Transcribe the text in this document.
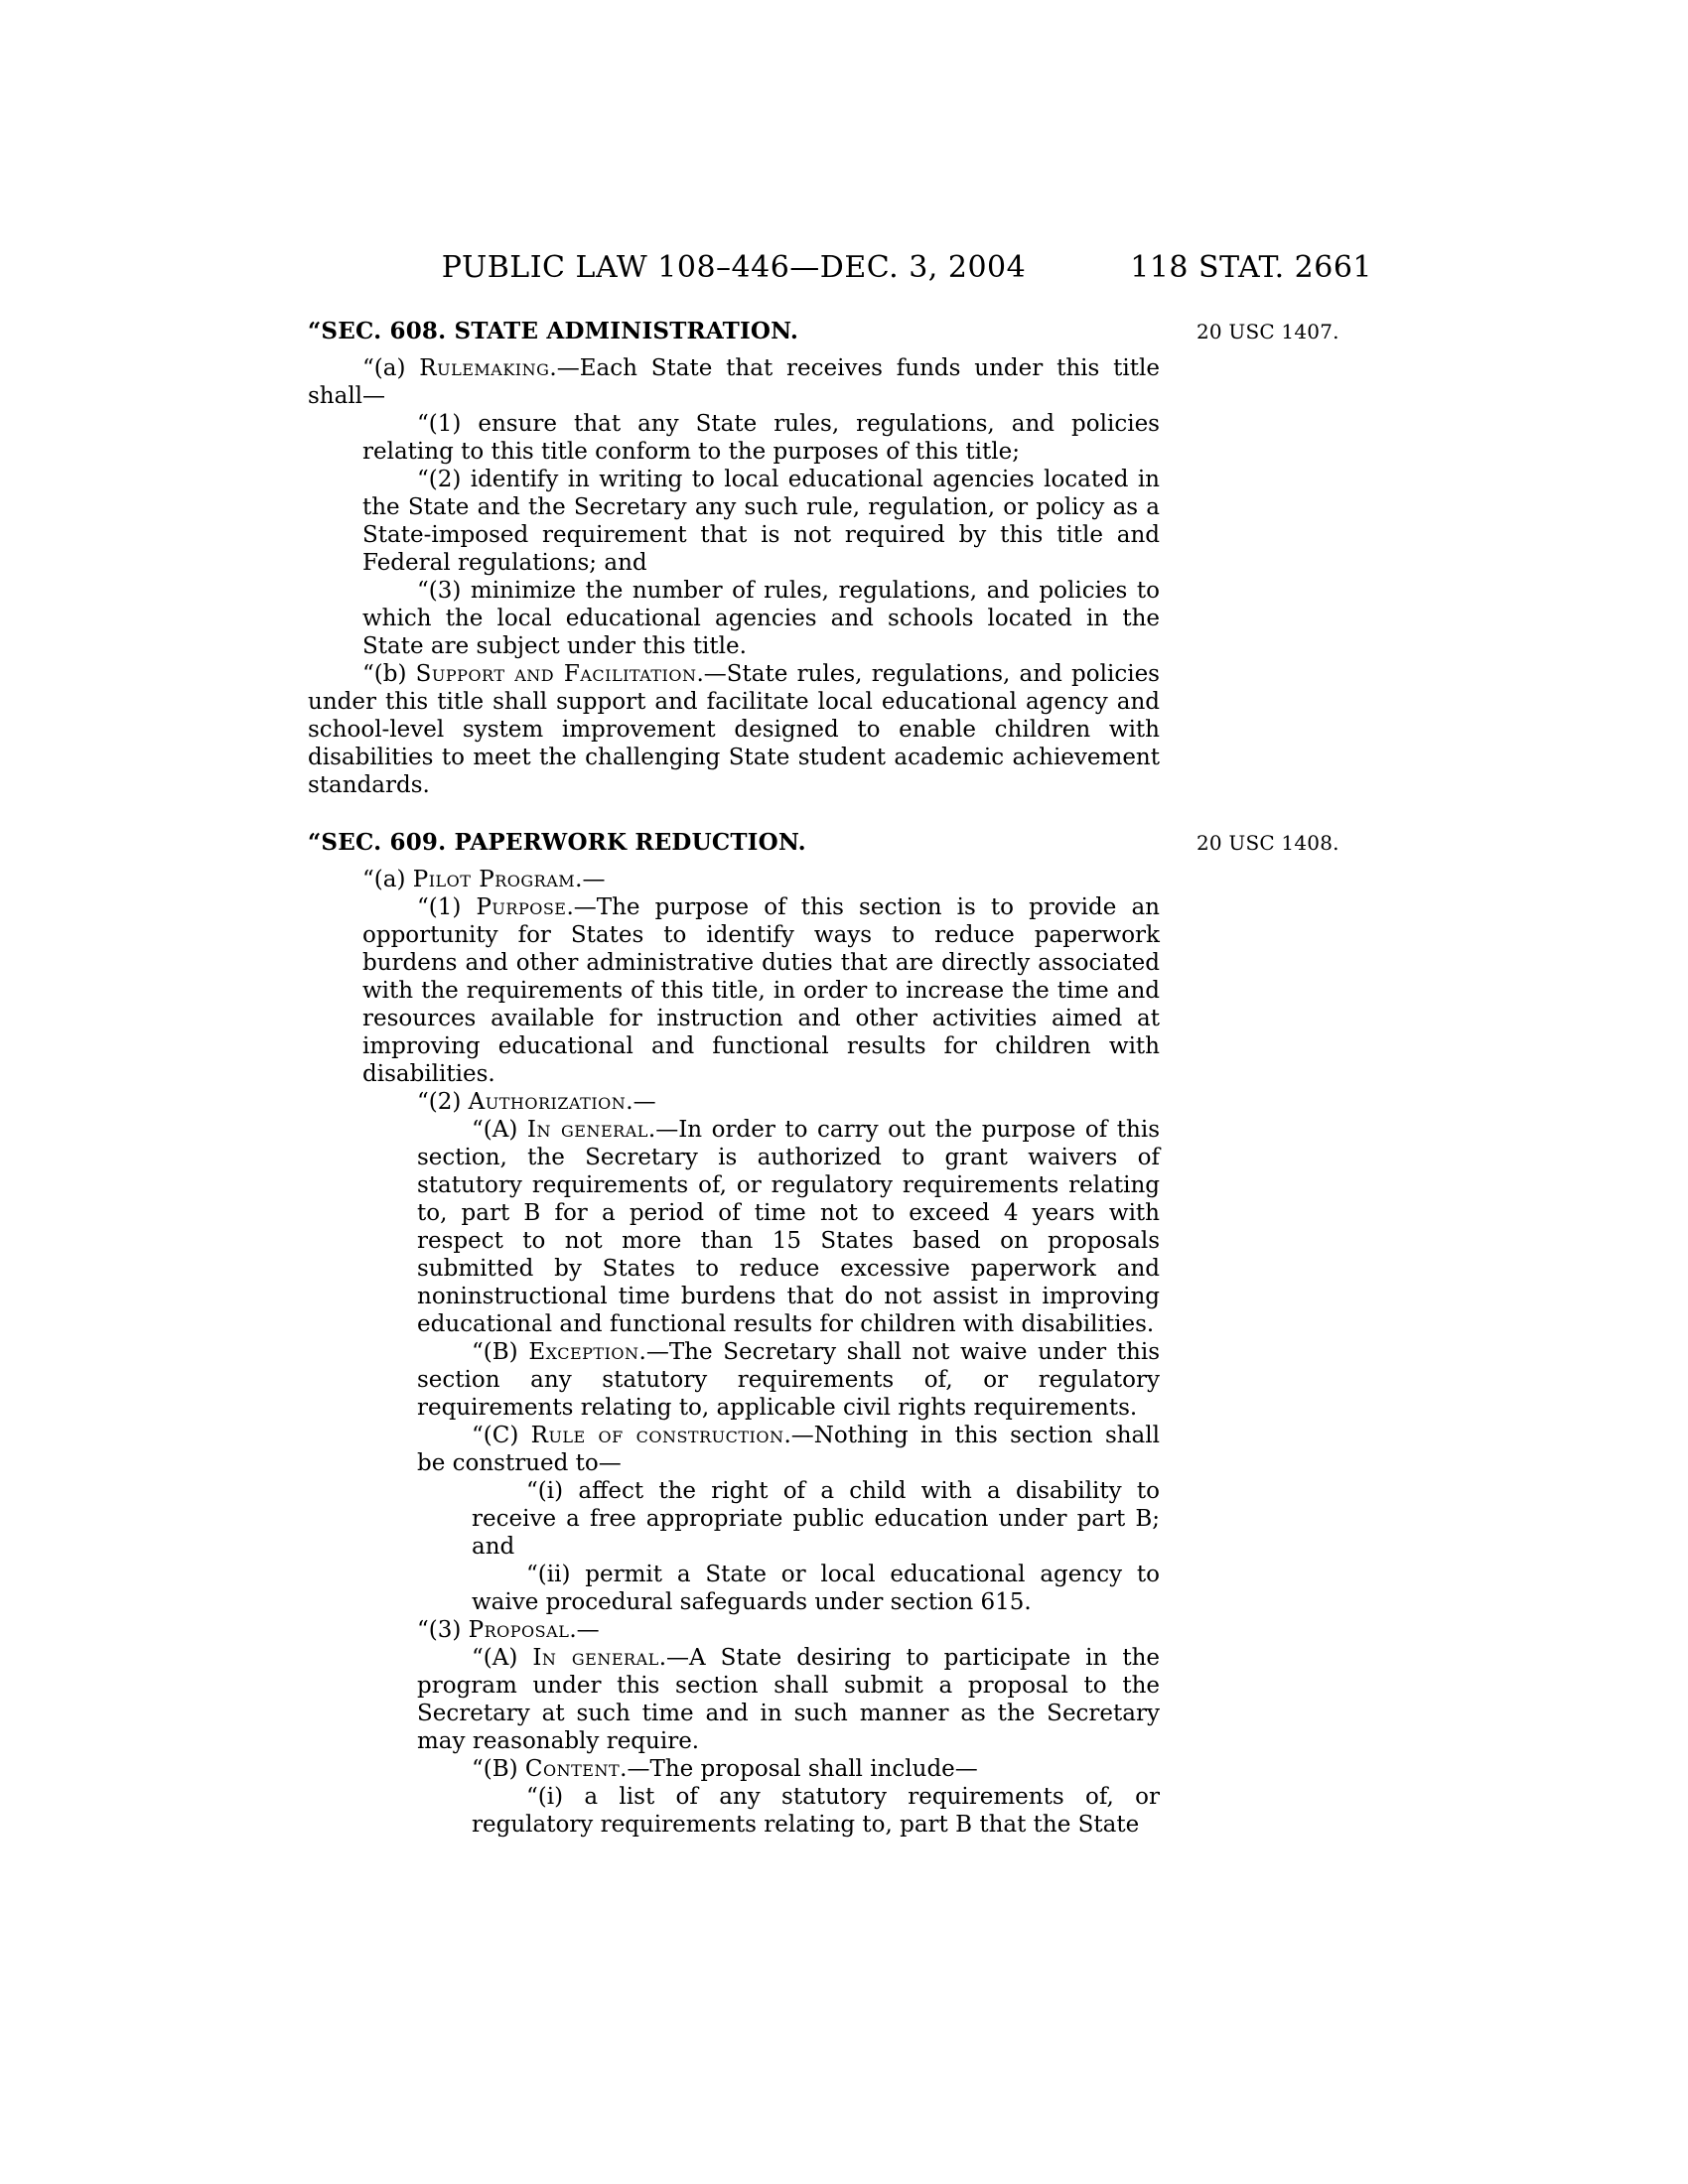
PUBLIC LAW 108–446—DEC. 3, 2004	118 STAT. 2661
“SEC. 608. STATE ADMINISTRATION.	20 USC 1407.

“(a) Rulemaking.—Each State that receives funds under this title shall—

“(1) ensure that any State rules, regulations, and policies relating to this title conform to the purposes of this title;

“(2) identify in writing to local educational agencies located in the State and the Secretary any such rule, regulation, or policy as a State-imposed requirement that is not required by this title and Federal regulations; and

“(3) minimize the number of rules, regulations, and policies to which the local educational agencies and schools located in the State are subject under this title.

“(b) Support and Facilitation.—State rules, regulations, and policies under this title shall support and facilitate local educational agency and school-level system improvement designed to enable children with disabilities to meet the challenging State student academic achievement standards.

“SEC. 609. PAPERWORK REDUCTION.	20 USC 1408.

“(a) Pilot Program.—

“(1) Purpose.—The purpose of this section is to provide an opportunity for States to identify ways to reduce paperwork burdens and other administrative duties that are directly associated with the requirements of this title, in order to increase the time and resources available for instruction and other activities aimed at improving educational and functional results for children with disabilities.

“(2) Authorization.—

“(A) In general.—In order to carry out the purpose of this section, the Secretary is authorized to grant waivers of statutory requirements of, or regulatory requirements relating to, part B for a period of time not to exceed 4 years with respect to not more than 15 States based on proposals submitted by States to reduce excessive paperwork and noninstructional time burdens that do not assist in improving educational and functional results for children with disabilities.

“(B) Exception.—The Secretary shall not waive under this section any statutory requirements of, or regulatory requirements relating to, applicable civil rights requirements.

“(C) Rule of construction.—Nothing in this section shall be construed to—

“(i) affect the right of a child with a disability to receive a free appropriate public education under part B; and

“(ii) permit a State or local educational agency to waive procedural safeguards under section 615.

“(3) Proposal.—

“(A) In general.—A State desiring to participate in the program under this section shall submit a proposal to the Secretary at such time and in such manner as the Secretary may reasonably require.

“(B) Content.—The proposal shall include—

“(i) a list of any statutory requirements of, or regulatory requirements relating to, part B that the State
